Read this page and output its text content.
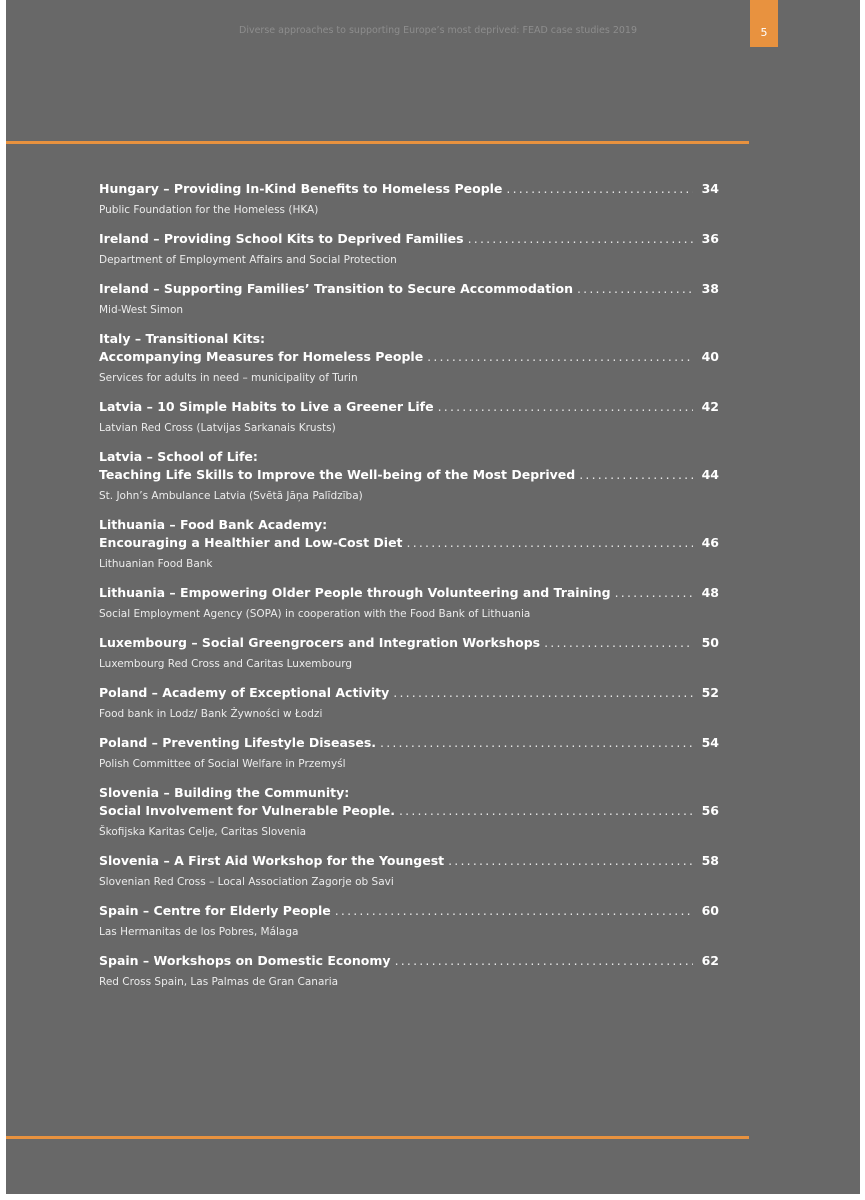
Diverse approaches to supporting Europe’s most deprived: FEAD case studies 2019	5
Hungary – Providing In-Kind Benefits to Homeless People .....	34
Public Foundation for the Homeless (HKA)
Ireland – Providing School Kits to Deprived Families .....	36
Department of Employment Affairs and Social Protection
Ireland – Supporting Families’ Transition to Secure Accommodation .....	38
Mid-West Simon
Italy – Transitional Kits:
Accompanying Measures for Homeless People .....	40
Services for adults in need – municipality of Turin
Latvia – 10 Simple Habits to Live a Greener Life .....	42
Latvian Red Cross (Latvijas Sarkanais Krusts)
Latvia – School of Life:
Teaching Life Skills to Improve the Well-being of the Most Deprived .....	44
St. John’s Ambulance Latvia (Svētā Jāņa Palīdzība)
Lithuania – Food Bank Academy:
Encouraging a Healthier and Low-Cost Diet .....	46
Lithuanian Food Bank
Lithuania – Empowering Older People through Volunteering and Training .....	48
Social Employment Agency (SOPA) in cooperation with the Food Bank of Lithuania
Luxembourg – Social Greengrocers and Integration Workshops .....	50
Luxembourg Red Cross and Caritas Luxembourg
Poland – Academy of Exceptional Activity .....	52
Food bank in Lodz/ Bank Żywności w Łodzi
Poland – Preventing Lifestyle Diseases. .....	54
Polish Committee of Social Welfare in Przemyśl
Slovenia – Building the Community:
Social Involvement for Vulnerable People. .....	56
Škofijska Karitas Celje, Caritas Slovenia
Slovenia – A First Aid Workshop for the Youngest .....	58
Slovenian Red Cross – Local Association Zagorje ob Savi
Spain – Centre for Elderly People .....	60
Las Hermanitas de los Pobres, Málaga
Spain – Workshops on Domestic Economy .....	62
Red Cross Spain, Las Palmas de Gran Canaria
